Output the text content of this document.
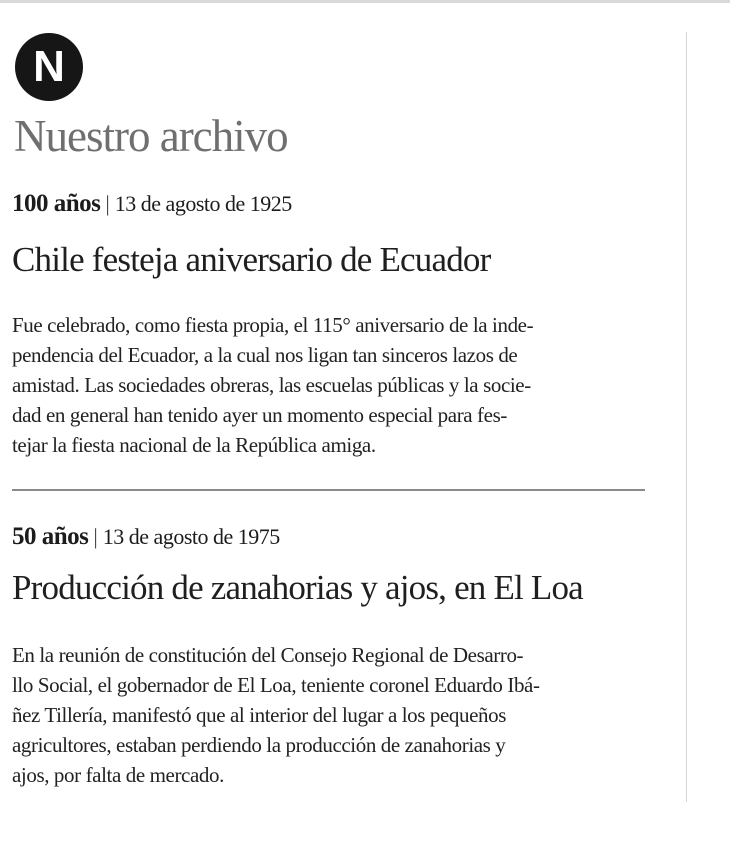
N
Nuestro archivo
100 años | 13 de agosto de 1925
Chile festeja aniversario de Ecuador
Fue celebrado, como fiesta propia, el 115° aniversario de la inde-
pendencia del Ecuador, a la cual nos ligan tan sinceros lazos de
amistad. Las sociedades obreras, las escuelas públicas y la socie-
dad en general han tenido ayer un momento especial para fes-
tejar la fiesta nacional de la República amiga.
50 años | 13 de agosto de 1975
Producción de zanahorias y ajos, en El Loa
En la reunión de constitución del Consejo Regional de Desarro-
llo Social, el gobernador de El Loa, teniente coronel Eduardo Ibá-
ñez Tillería, manifestó que al interior del lugar a los pequeños
agricultores, estaban perdiendo la producción de zanahorias y
ajos, por falta de mercado.
